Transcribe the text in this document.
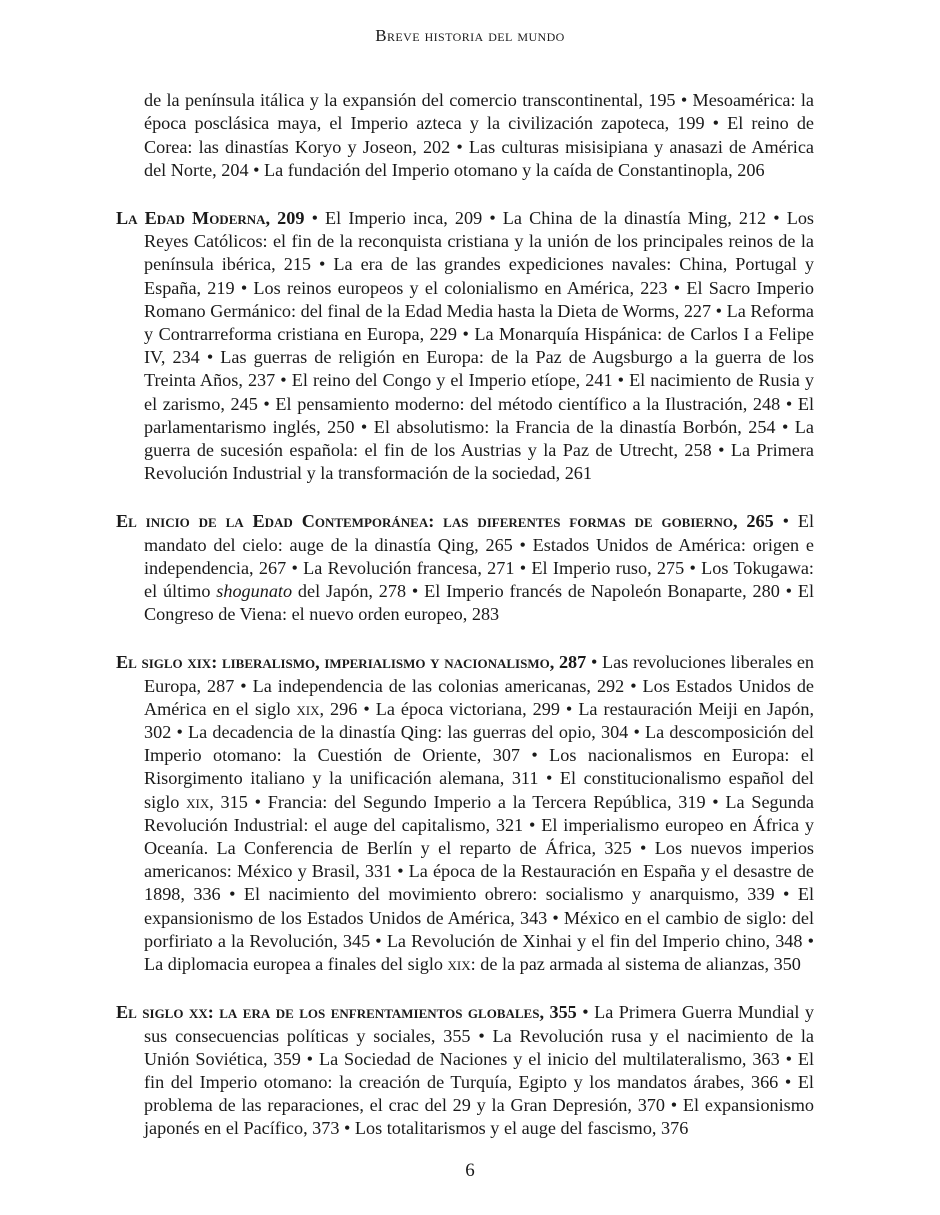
Breve historia del mundo

de la península itálica y la expansión del comercio transcontinental, 195 • Mesoamérica: la época posclásica maya, el Imperio azteca y la civilización zapoteca, 199 • El reino de Corea: las dinastías Koryo y Joseon, 202 • Las culturas misisipiana y anasazi de América del Norte, 204 • La fundación del Imperio otomano y la caída de Constantinopla, 206

La Edad Moderna, 209 • El Imperio inca, 209 • La China de la dinastía Ming, 212 • Los Reyes Católicos: el fin de la reconquista cristiana y la unión de los principales reinos de la península ibérica, 215 • La era de las grandes expediciones navales: China, Portugal y España, 219 • Los reinos europeos y el colonialismo en América, 223 • El Sacro Imperio Romano Germánico: del final de la Edad Media hasta la Dieta de Worms, 227 • La Reforma y Contrarreforma cristiana en Europa, 229 • La Monarquía Hispánica: de Carlos I a Felipe IV, 234 • Las guerras de religión en Europa: de la Paz de Augsburgo a la guerra de los Treinta Años, 237 • El reino del Congo y el Imperio etíope, 241 • El nacimiento de Rusia y el zarismo, 245 • El pensamiento moderno: del método científico a la Ilustración, 248 • El parlamentarismo inglés, 250 • El absolutismo: la Francia de la dinastía Borbón, 254 • La guerra de sucesión española: el fin de los Austrias y la Paz de Utrecht, 258 • La Primera Revolución Industrial y la transformación de la sociedad, 261

El inicio de la Edad Contemporánea: las diferentes formas de gobierno, 265 • El mandato del cielo: auge de la dinastía Qing, 265 • Estados Unidos de América: origen e independencia, 267 • La Revolución francesa, 271 • El Imperio ruso, 275 • Los Tokugawa: el último shogunato del Japón, 278 • El Imperio francés de Napoleón Bonaparte, 280 • El Congreso de Viena: el nuevo orden europeo, 283

El siglo xix: liberalismo, imperialismo y nacionalismo, 287 • Las revoluciones liberales en Europa, 287 • La independencia de las colonias americanas, 292 • Los Estados Unidos de América en el siglo xix, 296 • La época victoriana, 299 • La restauración Meiji en Japón, 302 • La decadencia de la dinastía Qing: las guerras del opio, 304 • La descomposición del Imperio otomano: la Cuestión de Oriente, 307 • Los nacionalismos en Europa: el Risorgimento italiano y la unificación alemana, 311 • El constitucionalismo español del siglo xix, 315 • Francia: del Segundo Imperio a la Tercera República, 319 • La Segunda Revolución Industrial: el auge del capitalismo, 321 • El imperialismo europeo en África y Oceanía. La Conferencia de Berlín y el reparto de África, 325 • Los nuevos imperios americanos: México y Brasil, 331 • La época de la Restauración en España y el desastre de 1898, 336 • El nacimiento del movimiento obrero: socialismo y anarquismo, 339 • El expansionismo de los Estados Unidos de América, 343 • México en el cambio de siglo: del porfiriato a la Revolución, 345 • La Revolución de Xinhai y el fin del Imperio chino, 348 • La diplomacia europea a finales del siglo xix: de la paz armada al sistema de alianzas, 350

El siglo xx: la era de los enfrentamientos globales, 355 • La Primera Guerra Mundial y sus consecuencias políticas y sociales, 355 • La Revolución rusa y el nacimiento de la Unión Soviética, 359 • La Sociedad de Naciones y el inicio del multilateralismo, 363 • El fin del Imperio otomano: la creación de Turquía, Egipto y los mandatos árabes, 366 • El problema de las reparaciones, el crac del 29 y la Gran Depresión, 370 • El expansionismo japonés en el Pacífico, 373 • Los totalitarismos y el auge del fascismo, 376

6
